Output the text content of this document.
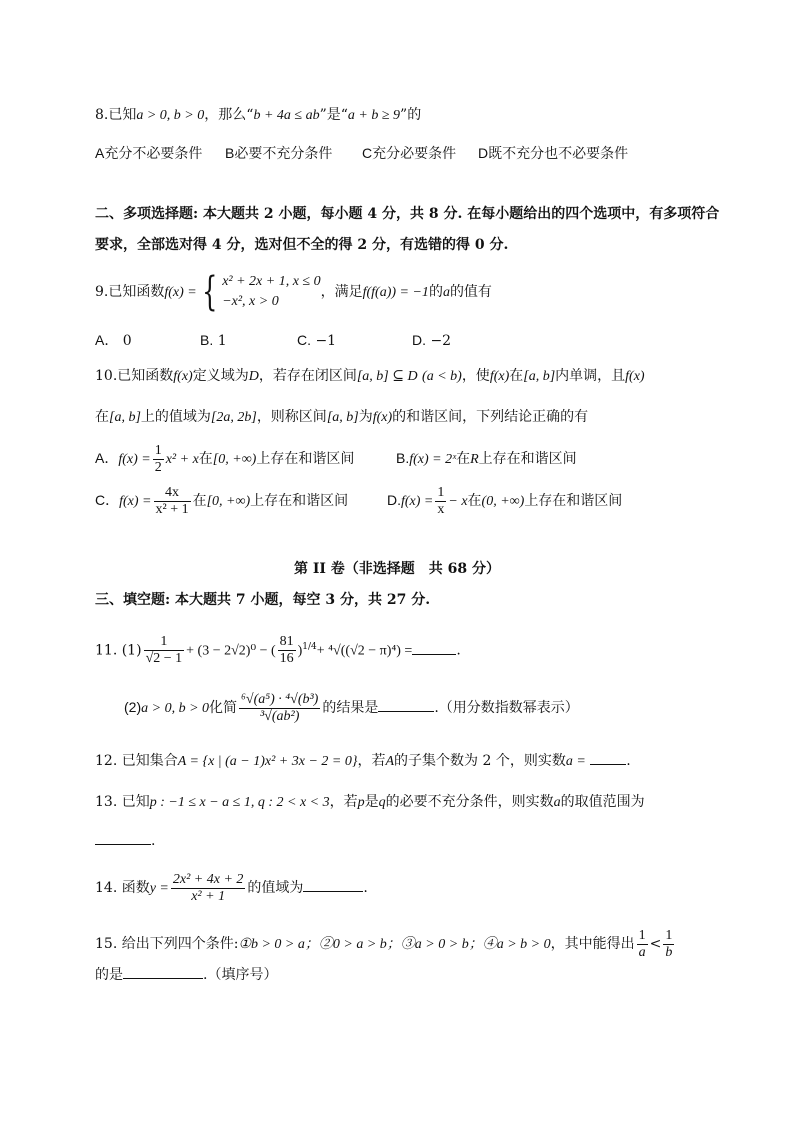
8.已知a > 0, b > 0，那么“b + 4a ≤ ab”是“a + b ≥ 9”的
A充分不必要条件 B必要不充分条件 C充分必要条件 D既不充分也不必要条件
二、多项选择题: 本大题共 2 小题，每小题 4 分，共 8 分. 在每小题给出的四个选项中，有多项符合
要求，全部选对得 4 分，选对但不全的得 2 分，有选错的得 0 分.
9.已知函数f(x) = { x² + 2x + 1, x ≤ 0
−x², x > 0
，满足f(f(a)) = −1的a的值有
A． 0	B. 1	C. −1	D. −2
10.已知函数f(x)定义域为D，若存在闭区间[a, b] ⊆ D (a < b)，使f(x)在[a, b]内单调，且f(x)
在[a, b]上的值域为[2a, 2b]，则称区间[a, b]为f(x)的和谐区间，下列结论正确的有
A．$f(x) = \frac{1}{2} x^2 + x$在[0, +∞)上存在和谐区间	B.f(x) = 2ˣ在R上存在和谐区间
C．$f(x) = \frac{4x}{\text{x² + 1}}$ 在[0, +∞)上存在和谐区间	$D.f(x) = \frac{1}{x} - x$在(0, +∞)上存在和谐区间
第 II 卷（非选择题　共 68 分）
三、填空题: 本大题共 7 小题，每空 3 分，共 27 分.
11. $(1) \frac{1}{√2 - 1} + (3 - 2√2)^0$ − ( $\frac{81}{16} )^{1/4}+ ^4√((√2 - \pi)^4)$ =	.
(2)a > 0, b > 0化简 $\frac{\text{⁶√(a⁵) · ⁴√(b³)}}{\text{³√(ab²)}}$ 的结果是	.（用分数指数幂表示）
12. 已知集合A = {x | (a − 1)x² + 3x − 2 = 0}，若A的子集个数为 2 个，则实数a =	.
13. 已知p : −1 ≤ x − a ≤ 1, q : 2 < x < 3，若p是q的必要不充分条件，则实数a的取值范围为
.
14. 函数$y = \frac{\text{2x² + 4x + 2}}{\text{x² + 1}}$ 的值域为	.
15. 给出下列四个条件:①b > 0 > a；②0 > a > b；③a > 0 > b；④a > b > 0，其中能得出 $\frac{1}{a} < \frac{1}{b}$
的是	.（填序号）
